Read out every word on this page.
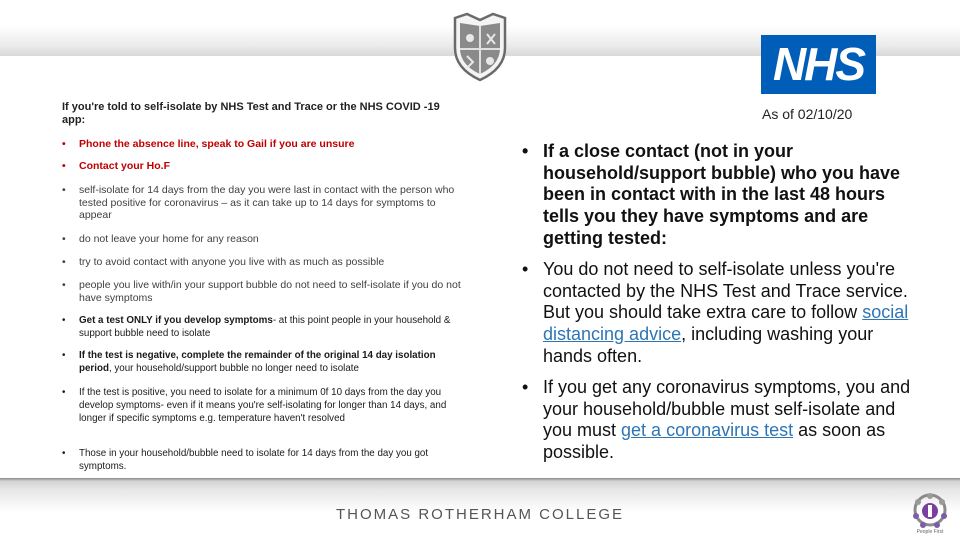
NHS
As of 02/10/20
If you're told to self-isolate by NHS Test and Trace or the NHS COVID -19 app:
• Phone the absence line, speak to Gail if you are unsure
• Contact your Ho.F
• self-isolate for 14 days from the day you were last in contact with the person who tested positive for coronavirus – as it can take up to 14 days for symptoms to appear
• do not leave your home for any reason
• try to avoid contact with anyone you live with as much as possible
• people you live with/in your support bubble do not need to self-isolate if you do not have symptoms
• Get a test ONLY if you develop symptoms- at this point people in your household & support bubble need to isolate
• If the test is negative, complete the remainder of the original 14 day isolation period, your household/support bubble no longer need to isolate
• If the test is positive, you need to isolate for a minimum 0f 10 days from the day you develop symptoms- even if it means you're self-isolating for longer than 14 days, and longer if specific symptoms e.g. temperature haven't resolved
• Those in your household/bubble need to isolate for 14 days from the day you got symptoms.
• If a close contact (not in your household/support bubble) who you have been in contact with in the last 48 hours tells you they have symptoms and are getting tested:
• You do not need to self-isolate unless you're contacted by the NHS Test and Trace service. But you should take extra care to follow social distancing advice, including washing your hands often.
• If you get any coronavirus symptoms, you and your household/bubble must self-isolate and you must get a coronavirus test as soon as possible.
THOMAS ROTHERHAM COLLEGE
People First
